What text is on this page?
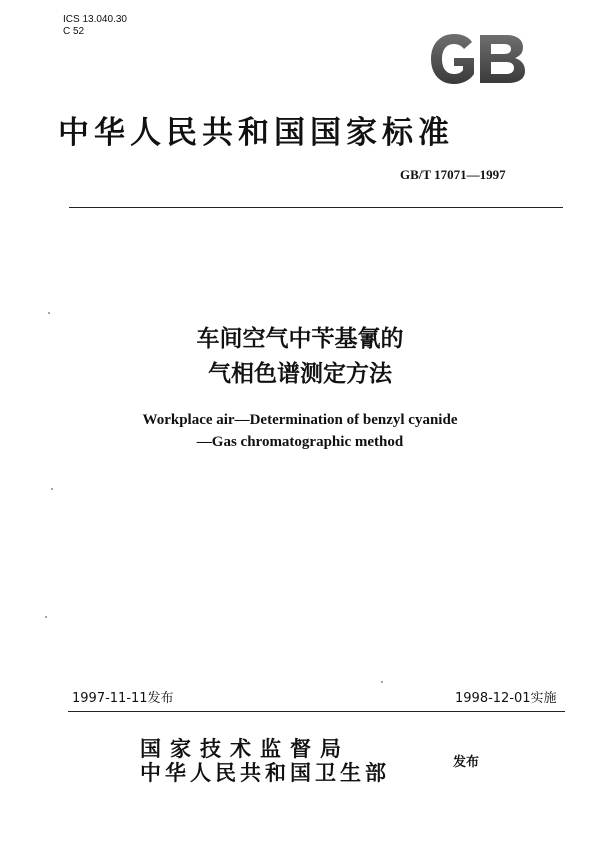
ICS 13.040.30
C 52
中华人民共和国国家标准
GB/T 17071—1997
车间空气中苄基氰的
气相色谱测定方法
Workplace air—Determination of benzyl cyanide
—Gas chromatographic method
1997-11-11发布	1998-12-01实施
国家技术监督局
中华人民共和国卫生部	发布
